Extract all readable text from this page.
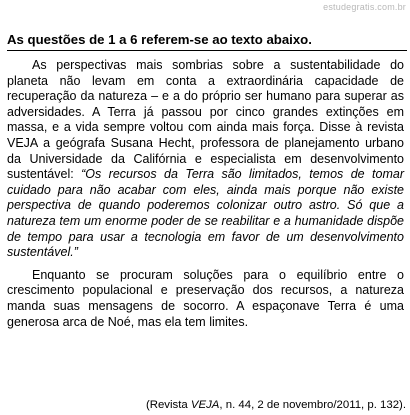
estudegratis.com.br
As questões de 1 a 6 referem-se ao texto abaixo.

As perspectivas mais sombrias sobre a sustentabilidade do planeta não levam em conta a extraordinária capacidade de recuperação da natureza – e a do próprio ser humano para superar as adversidades. A Terra já passou por cinco grandes extinções em massa, e a vida sempre voltou com ainda mais força. Disse à revista VEJA a geógrafa Susana Hecht, professora de planejamento urbano da Universidade da Califórnia e especialista em desenvolvimento sustentável: “Os recursos da Terra são limitados, temos de tomar cuidado para não acabar com eles, ainda mais porque não existe perspectiva de quando poderemos colonizar outro astro. Só que a natureza tem um enorme poder de se reabilitar e a humanidade dispõe de tempo para usar a tecnologia em favor de um desenvolvimento sustentável.”

Enquanto se procuram soluções para o equilíbrio entre o crescimento populacional e preservação dos recursos, a natureza manda suas mensagens de socorro. A espaçonave Terra é uma generosa arca de Noé, mas ela tem limites.

(Revista VEJA, n. 44, 2 de novembro/2011, p. 132).
